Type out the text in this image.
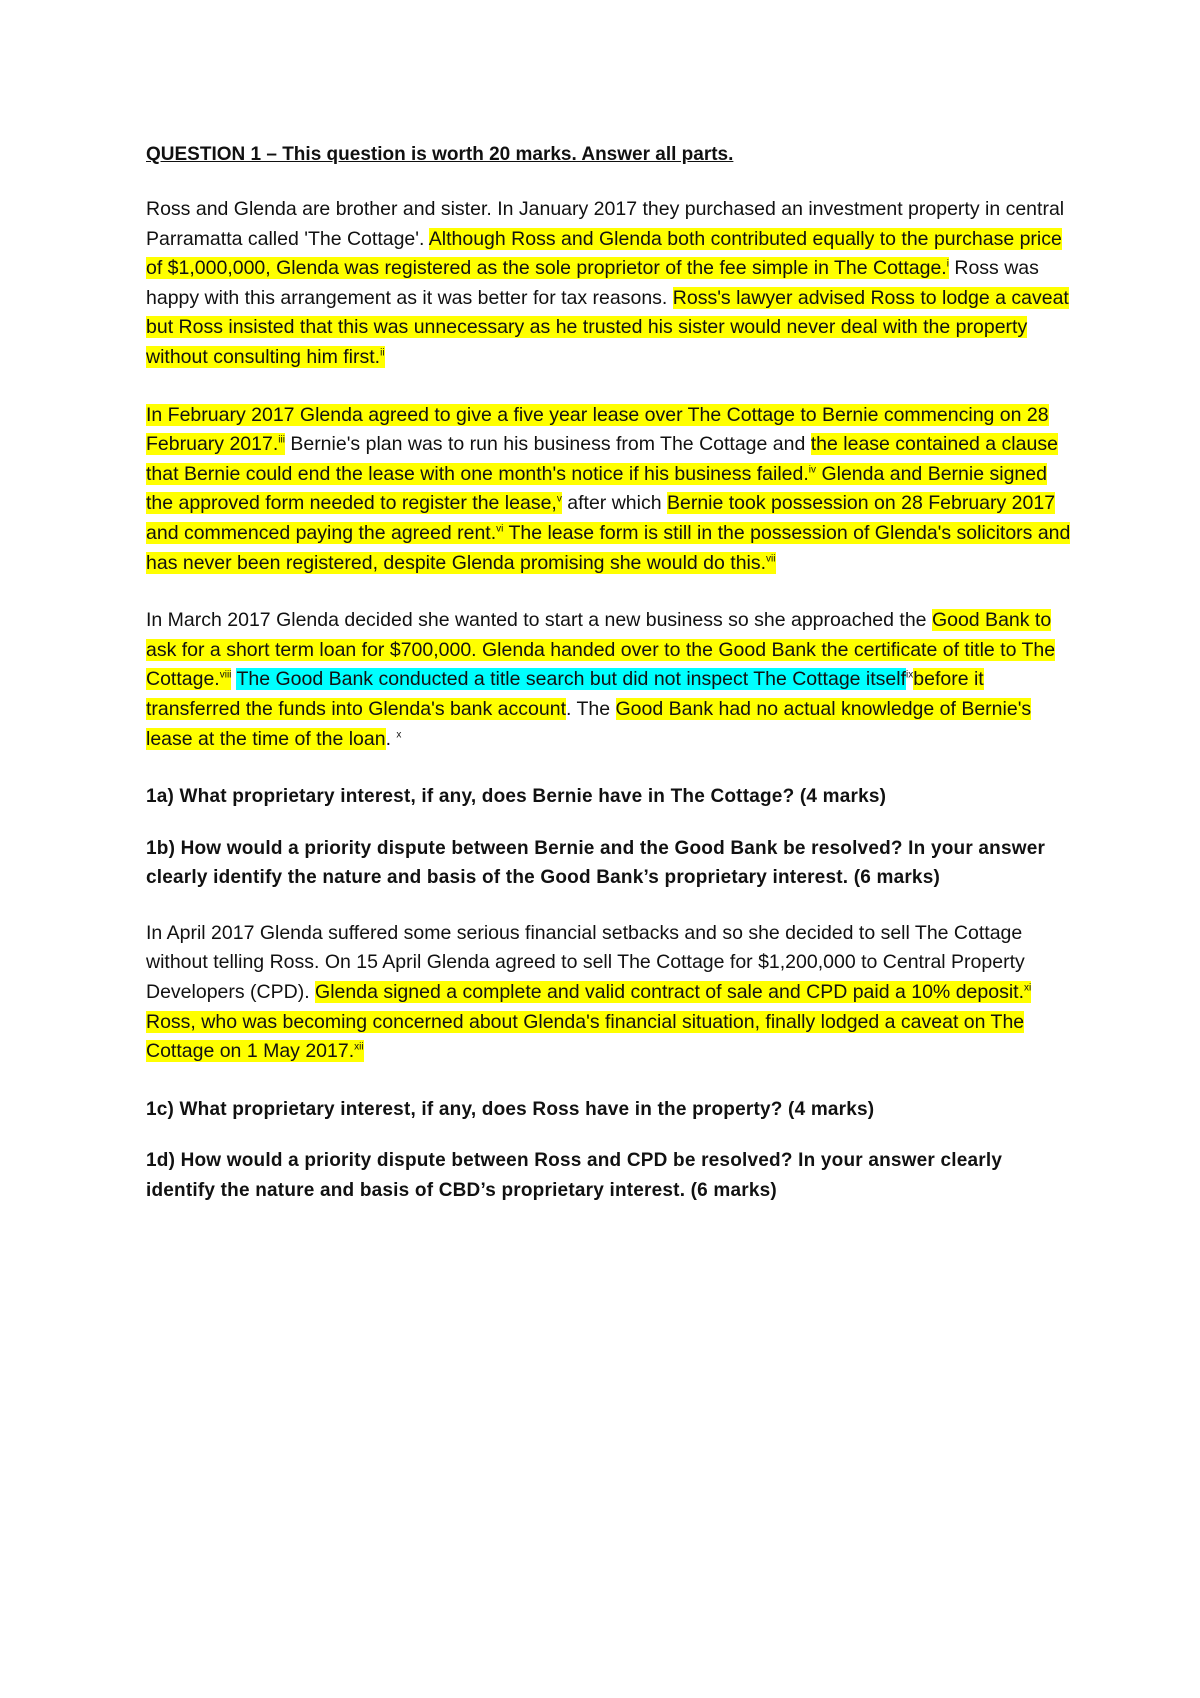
QUESTION 1 – This question is worth 20 marks. Answer all parts.
Ross and Glenda are brother and sister. In January 2017 they purchased an investment property in central Parramatta called 'The Cottage'. Although Ross and Glenda both contributed equally to the purchase price of $1,000,000, Glenda was registered as the sole proprietor of the fee simple in The Cottage.$^i$ Ross was happy with this arrangement as it was better for tax reasons. Ross's lawyer advised Ross to lodge a caveat but Ross insisted that this was unnecessary as he trusted his sister would never deal with the property without consulting him first.$^{ii}$
In February 2017 Glenda agreed to give a five year lease over The Cottage to Bernie commencing on 28 February 2017.$^{iii}$ Bernie's plan was to run his business from The Cottage and the lease contained a clause that Bernie could end the lease with one month's notice if his business failed.$^{iv}$ Glenda and Bernie signed the approved form needed to register the lease,$^v$ after which Bernie took possession on 28 February 2017 and commenced paying the agreed rent.$^{vi}$ The lease form is still in the possession of Glenda's solicitors and has never been registered, despite Glenda promising she would do this.$^{vii}$
In March 2017 Glenda decided she wanted to start a new business so she approached the Good Bank to ask for a short term loan for $700,000. Glenda handed over to the Good Bank the certificate of title to The Cottage.$^{viii}$ The Good Bank conducted a title search but did not inspect The Cottage itself$^{ix}$before it transferred the funds into Glenda's bank account. The Good Bank had no actual knowledge of Bernie's lease at the time of the loan. $^x$
1a) What proprietary interest, if any, does Bernie have in The Cottage? (4 marks)
1b) How would a priority dispute between Bernie and the Good Bank be resolved? In your answer clearly identify the nature and basis of the Good Bank’s proprietary interest. (6 marks)
In April 2017 Glenda suffered some serious financial setbacks and so she decided to sell The Cottage without telling Ross. On 15 April Glenda agreed to sell The Cottage for $1,200,000 to Central Property Developers (CPD). Glenda signed a complete and valid contract of sale and CPD paid a 10% deposit.$^{xi}$ Ross, who was becoming concerned about Glenda's financial situation, finally lodged a caveat on The Cottage on 1 May 2017.$^{xii}$
1c) What proprietary interest, if any, does Ross have in the property? (4 marks)
1d) How would a priority dispute between Ross and CPD be resolved? In your answer clearly identify the nature and basis of CBD’s proprietary interest. (6 marks)
